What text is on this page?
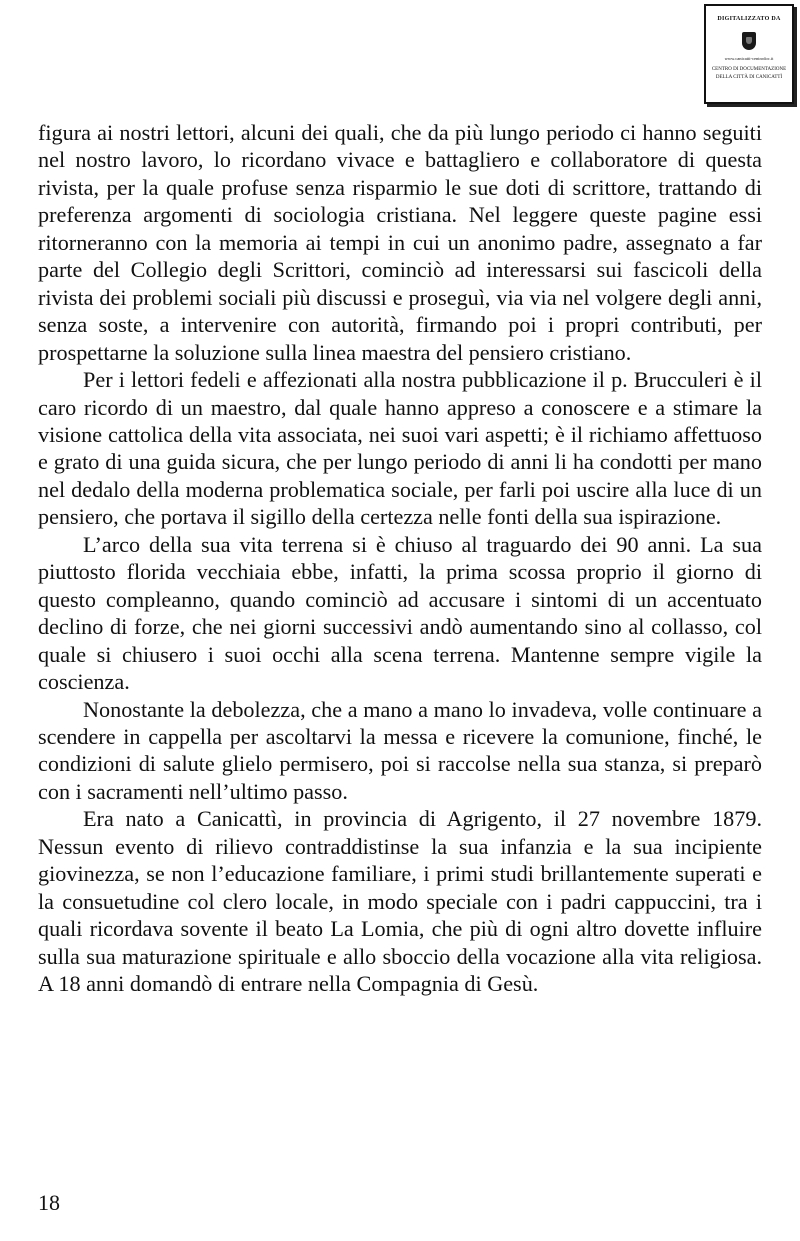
DIGITALIZZATO DA
www.canicatti-centrodoc.it
CENTRO DI DOCUMENTAZIONE
DELLA CITTÀ DI CANICATTÌ

figura ai nostri lettori, alcuni dei quali, che da più lungo periodo ci hanno seguiti nel nostro lavoro, lo ricordano vivace e battagliero e collaboratore di questa rivista, per la quale profuse senza risparmio le sue doti di scrittore, trattando di preferenza argomenti di sociologia cristiana. Nel leggere queste pagine essi ritorneranno con la memoria ai tempi in cui un anonimo padre, assegnato a far parte del Collegio degli Scrittori, cominciò ad interessarsi sui fascicoli della rivista dei problemi sociali più discussi e proseguì, via via nel volgere degli anni, senza soste, a intervenire con autorità, firmando poi i propri contributi, per prospettarne la soluzione sulla linea maestra del pensiero cristiano.

Per i lettori fedeli e affezionati alla nostra pubblicazione il p. Brucculeri è il caro ricordo di un maestro, dal quale hanno appreso a conoscere e a stimare la visione cattolica della vita associata, nei suoi vari aspetti; è il richiamo affettuoso e grato di una guida sicura, che per lungo periodo di anni li ha condotti per mano nel dedalo della moderna problematica sociale, per farli poi uscire alla luce di un pensiero, che portava il sigillo della certezza nelle fonti della sua ispirazione.

L’arco della sua vita terrena si è chiuso al traguardo dei 90 anni. La sua piuttosto florida vecchiaia ebbe, infatti, la prima scossa proprio il giorno di questo compleanno, quando cominciò ad accusare i sintomi di un accentuato declino di forze, che nei giorni successivi andò aumentando sino al collasso, col quale si chiusero i suoi occhi alla scena terrena. Mantenne sempre vigile la coscienza.

Nonostante la debolezza, che a mano a mano lo invadeva, volle continuare a scendere in cappella per ascoltarvi la messa e ricevere la comunione, finché, le condizioni di salute glielo permisero, poi si raccolse nella sua stanza, si preparò con i sacramenti nell’ultimo passo.

Era nato a Canicattì, in provincia di Agrigento, il 27 novembre 1879. Nessun evento di rilievo contraddistinse la sua infanzia e la sua incipiente giovinezza, se non l’educazione familiare, i primi studi brillantemente superati e la consuetudine col clero locale, in modo speciale con i padri cappuccini, tra i quali ricordava sovente il beato La Lomia, che più di ogni altro dovette influire sulla sua maturazione spirituale e allo sboccio della vocazione alla vita religiosa. A 18 anni domandò di entrare nella Compagnia di Gesù.

18
